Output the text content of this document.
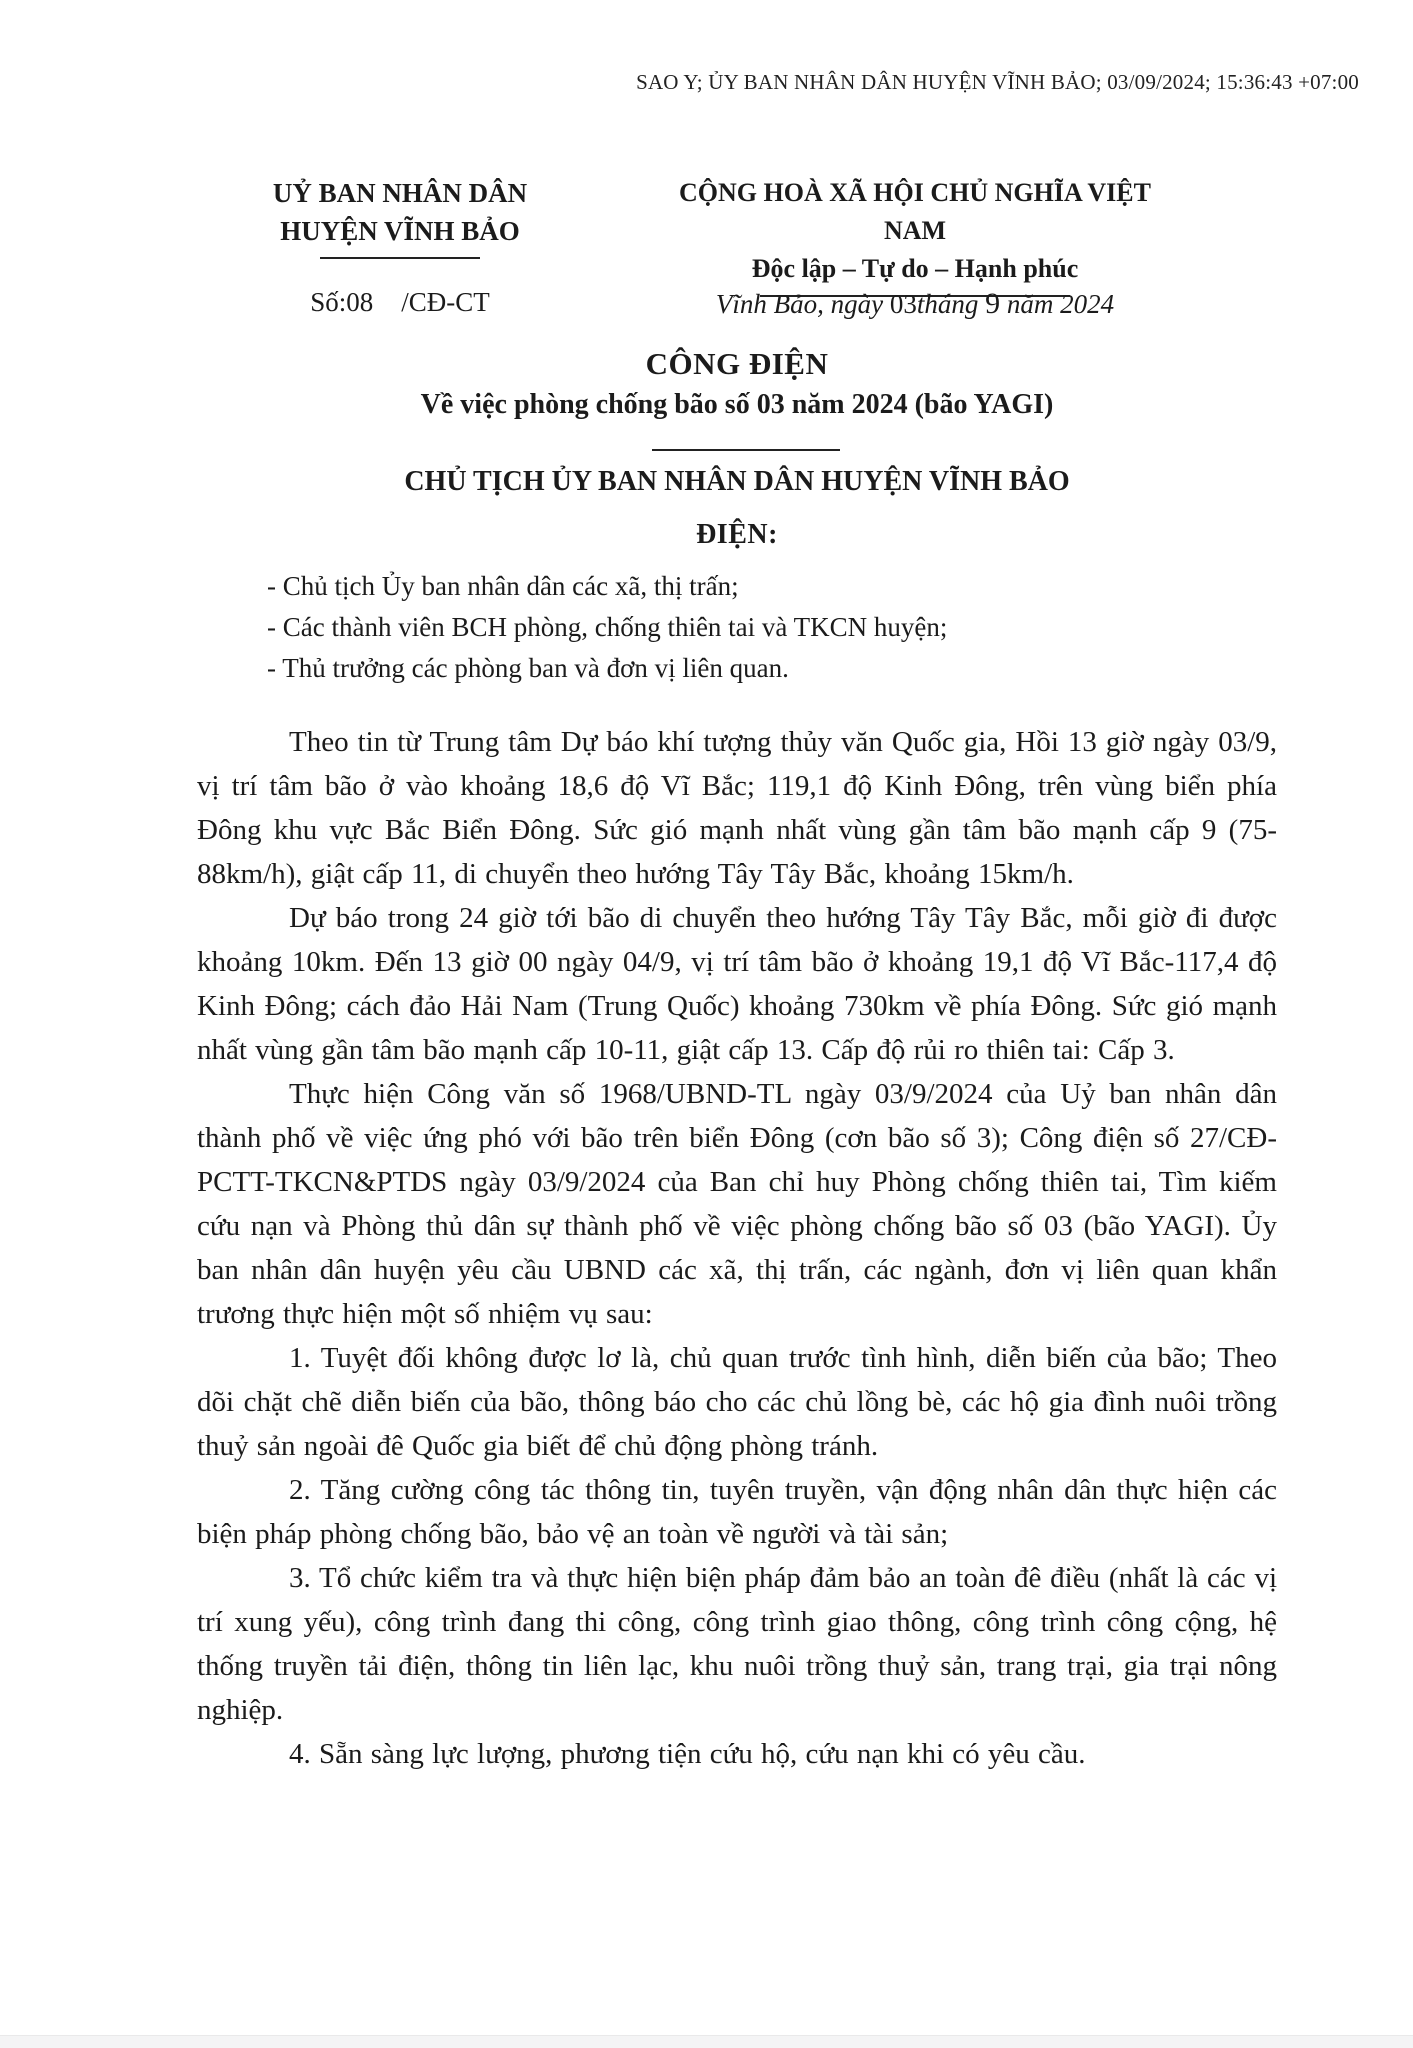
SAO Y; ỦY BAN NHÂN DÂN HUYỆN VĨNH BẢO; 03/09/2024; 15:36:43 +07:00
UỶ BAN NHÂN DÂN
HUYỆN VĨNH BẢO
CỘNG HOÀ XÃ HỘI CHỦ NGHĨA VIỆT NAM
Độc lập – Tự do – Hạnh phúc
Số:08 /CĐ-CT	Vĩnh Bảo, ngày 03tháng 9 năm 2024
CÔNG ĐIỆN
Về việc phòng chống bão số 03 năm 2024 (bão YAGI)
CHỦ TỊCH ỦY BAN NHÂN DÂN HUYỆN VĨNH BẢO
ĐIỆN:
- Chủ tịch Ủy ban nhân dân các xã, thị trấn;
- Các thành viên BCH phòng, chống thiên tai và TKCN huyện;
- Thủ trưởng các phòng ban và đơn vị liên quan.

Theo tin từ Trung tâm Dự báo khí tượng thủy văn Quốc gia, Hồi 13 giờ ngày 03/9, vị trí tâm bão ở vào khoảng 18,6 độ Vĩ Bắc; 119,1 độ Kinh Đông, trên vùng biển phía Đông khu vực Bắc Biển Đông. Sức gió mạnh nhất vùng gần tâm bão mạnh cấp 9 (75-88km/h), giật cấp 11, di chuyển theo hướng Tây Tây Bắc, khoảng 15km/h.

Dự báo trong 24 giờ tới bão di chuyển theo hướng Tây Tây Bắc, mỗi giờ đi được khoảng 10km. Đến 13 giờ 00 ngày 04/9, vị trí tâm bão ở khoảng 19,1 độ Vĩ Bắc-117,4 độ Kinh Đông; cách đảo Hải Nam (Trung Quốc) khoảng 730km về phía Đông. Sức gió mạnh nhất vùng gần tâm bão mạnh cấp 10-11, giật cấp 13. Cấp độ rủi ro thiên tai: Cấp 3.

Thực hiện Công văn số 1968/UBND-TL ngày 03/9/2024 của Uỷ ban nhân dân thành phố về việc ứng phó với bão trên biển Đông (cơn bão số 3); Công điện số 27/CĐ-PCTT-TKCN&PTDS ngày 03/9/2024 của Ban chỉ huy Phòng chống thiên tai, Tìm kiếm cứu nạn và Phòng thủ dân sự thành phố về việc phòng chống bão số 03 (bão YAGI). Ủy ban nhân dân huyện yêu cầu UBND các xã, thị trấn, các ngành, đơn vị liên quan khẩn trương thực hiện một số nhiệm vụ sau:

1. Tuyệt đối không được lơ là, chủ quan trước tình hình, diễn biến của bão; Theo dõi chặt chẽ diễn biến của bão, thông báo cho các chủ lồng bè, các hộ gia đình nuôi trồng thuỷ sản ngoài đê Quốc gia biết để chủ động phòng tránh.

2. Tăng cường công tác thông tin, tuyên truyền, vận động nhân dân thực hiện các biện pháp phòng chống bão, bảo vệ an toàn về người và tài sản;

3. Tổ chức kiểm tra và thực hiện biện pháp đảm bảo an toàn đê điều (nhất là các vị trí xung yếu), công trình đang thi công, công trình giao thông, công trình công cộng, hệ thống truyền tải điện, thông tin liên lạc, khu nuôi trồng thuỷ sản, trang trại, gia trại nông nghiệp.

4. Sẵn sàng lực lượng, phương tiện cứu hộ, cứu nạn khi có yêu cầu.
